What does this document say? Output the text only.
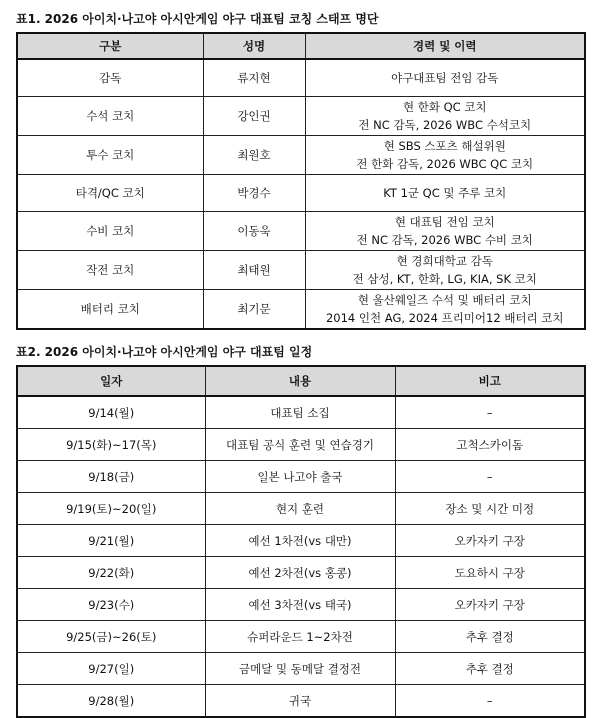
표1. 2026 아이치·나고야 아시안게임 야구 대표팀 코칭 스태프 명단
구분	성명	경력 및 이력
감독	류지현	야구대표팀 전임 감독

수석 코치	강인권	현 한화 QC 코치
전 NC 감독, 2026 WBC 수석코치

투수 코치	최원호	현 SBS 스포츠 해설위원
전 한화 감독, 2026 WBC QC 코치

타격/QC 코치	박경수	KT 1군 QC 및 주루 코치

수비 코치	이동욱	현 대표팀 전임 코치
전 NC 감독, 2026 WBC 수비 코치

작전 코치	최태원	현 경희대학교 감독
전 삼성, KT, 한화, LG, KIA, SK 코치

배터리 코치	최기문	현 울산웨일즈 수석 및 배터리 코치
2014 인천 AG, 2024 프리미어12 배터리 코치
표2. 2026 아이치·나고야 아시안게임 야구 대표팀 일정
일자	내용	비고
9/14(월)	대표팀 소집	–
9/15(화)~17(목)	대표팀 공식 훈련 및 연습경기	고척스카이돔
9/18(금)	일본 나고야 출국	–
9/19(토)~20(일)	현지 훈련	장소 및 시간 미정
9/21(월)	예선 1차전(vs 대만)	오카자키 구장
9/22(화)	예선 2차전(vs 홍콩)	도요하시 구장
9/23(수)	예선 3차전(vs 태국)	오카자키 구장
9/25(금)~26(토)	슈퍼라운드 1~2차전	추후 결정
9/27(일)	금메달 및 동메달 결정전	추후 결정
9/28(월)	귀국	–
